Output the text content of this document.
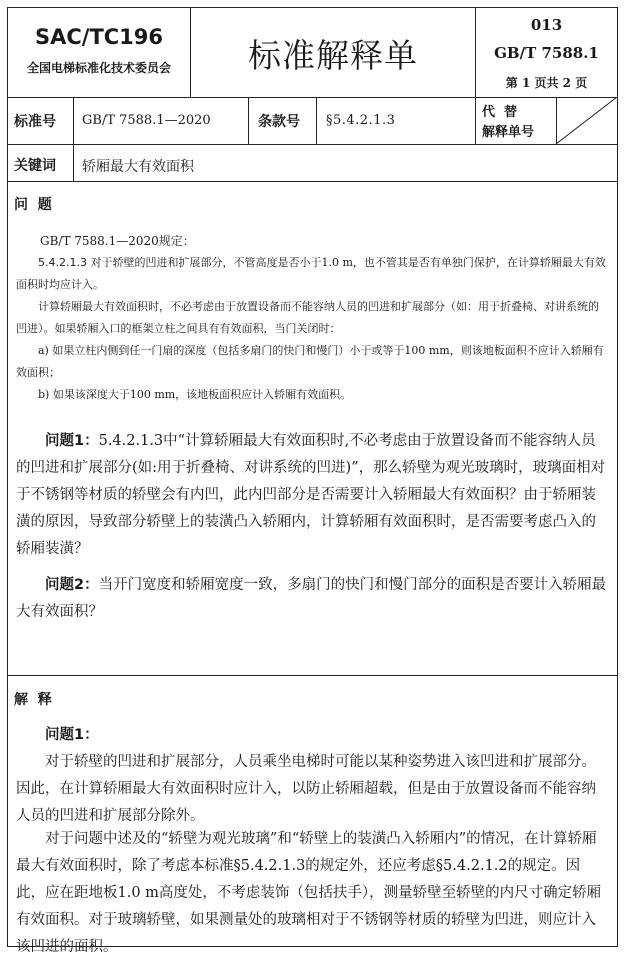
SAC/TC196
全国电梯标准化技术委员会	标准解释单
013
GB/T 7588.1
第 1 页共 2 页
标准号 GB/T 7588.1—2020	条款号 §5.4.2.1.3
代  替
解释单号
关键词 轿厢最大有效面积
问  题
GB/T 7588.1—2020规定：
5.4.2.1.3 对于轿壁的凹进和扩展部分，不管高度是否小于1.0 m，也不管其是否有单独门保护，在计算轿厢最大有效面积时均应计入。
计算轿厢最大有效面积时，不必考虑由于放置设备而不能容纳人员的凹进和扩展部分（如：用于折叠椅、对讲系统的凹进）。如果轿厢入口的框架立柱之间具有有效面积，当门关闭时：
a) 如果立柱内侧到任一门扇的深度（包括多扇门的快门和慢门）小于或等于100 mm，则该地板面积不应计入轿厢有效面积；
b) 如果该深度大于100 mm，该地板面积应计入轿厢有效面积。
问题1：5.4.2.1.3中“计算轿厢最大有效面积时,不必考虑由于放置设备而不能容纳人员的凹进和扩展部分(如:用于折叠椅、对讲系统的凹进)”，那么轿壁为观光玻璃时，玻璃面相对于不锈钢等材质的轿壁会有内凹，此内凹部分是否需要计入轿厢最大有效面积？由于轿厢装潢的原因，导致部分轿壁上的装潢凸入轿厢内，计算轿厢有效面积时，是否需要考虑凸入的轿厢装潢？
问题2：当开门宽度和轿厢宽度一致，多扇门的快门和慢门部分的面积是否要计入轿厢最大有效面积？
解  释
问题1：
对于轿壁的凹进和扩展部分，人员乘坐电梯时可能以某种姿势进入该凹进和扩展部分。因此，在计算轿厢最大有效面积时应计入，以防止轿厢超载，但是由于放置设备而不能容纳人员的凹进和扩展部分除外。
对于问题中述及的“轿壁为观光玻璃”和“轿壁上的装潢凸入轿厢内”的情况，在计算轿厢最大有效面积时，除了考虑本标准§5.4.2.1.3的规定外，还应考虑§5.4.2.1.2的规定。因此，应在距地板1.0 m高度处，不考虑装饰（包括扶手），测量轿壁至轿壁的内尺寸确定轿厢有效面积。对于玻璃轿壁，如果测量处的玻璃相对于不锈钢等材质的轿壁为凹进，则应计入该凹进的面积。
